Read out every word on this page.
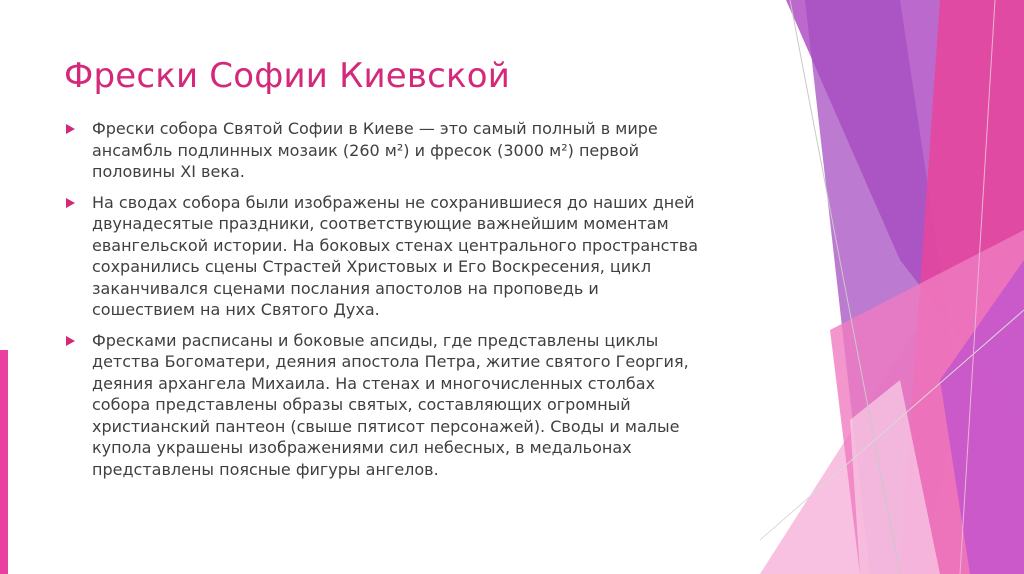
Фрески Софии Киевской
Фрески собора Святой Софии в Киеве — это самый полный в мире ансамбль подлинных мозаик (260 м²) и фресок (3000 м²) первой половины XI века.
На сводах собора были изображены не сохранившиеся до наших дней двунадесятые праздники, соответствующие важнейшим моментам евангельской истории. На боковых стенах центрального пространства сохранились сцены Страстей Христовых и Его Воскресения, цикл заканчивался сценами послания апостолов на проповедь и сошествием на них Святого Духа.
Фресками расписаны и боковые апсиды, где представлены циклы детства Богоматери, деяния апостола Петра, житие святого Георгия, деяния архангела Михаила. На стенах и многочисленных столбах собора представлены образы святых, составляющих огромный христианский пантеон (свыше пятисот персонажей). Своды и малые купола украшены изображениями сил небесных, в медальонах представлены поясные фигуры ангелов.
